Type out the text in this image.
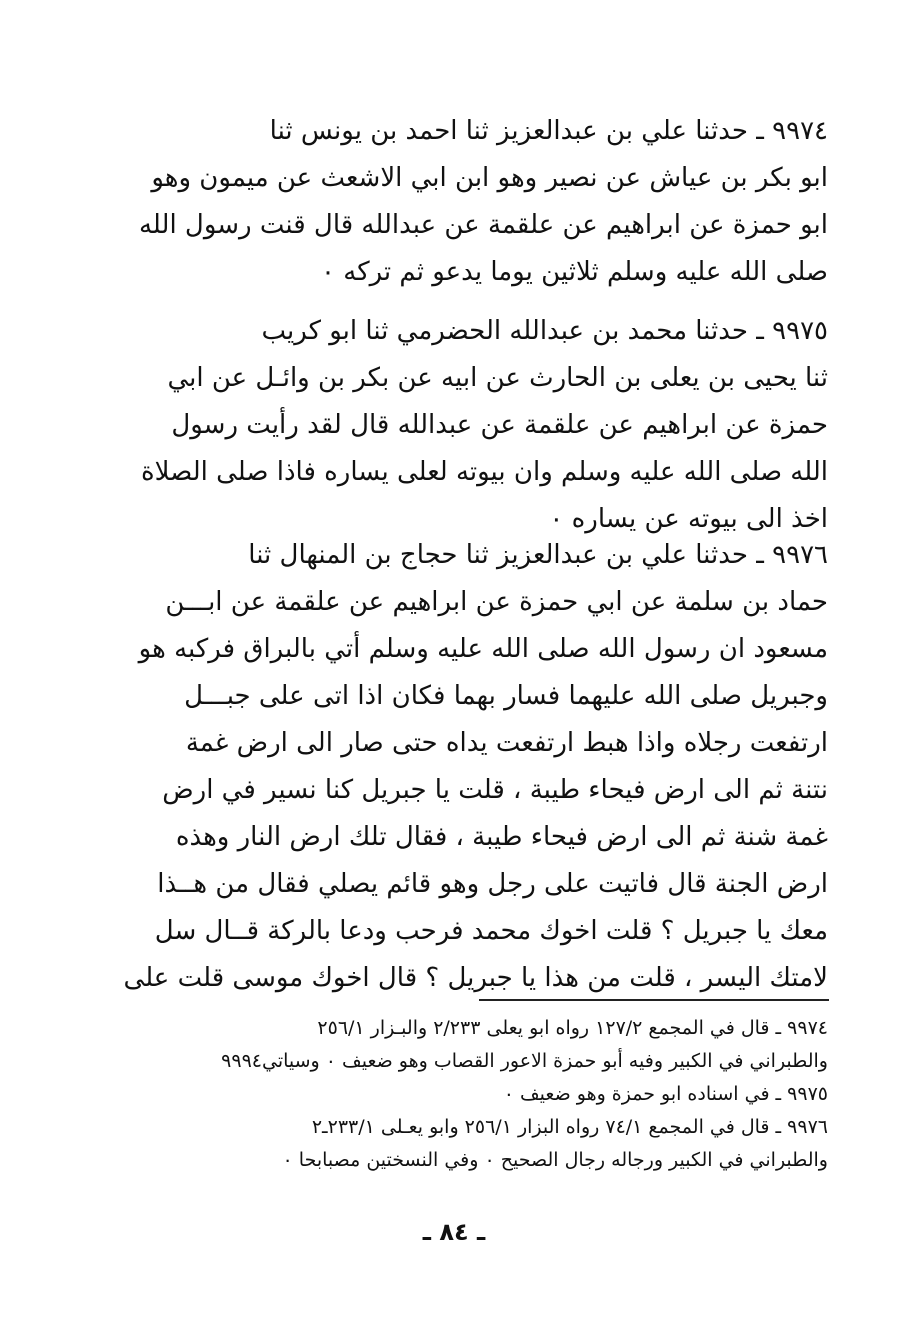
٩٩٧٤ ـ حدثنا علي بن عبدالعزيز ثنا احمد بن يونس ثنا
ابو بكر بن عياش عن نصير وهو ابن ابي الاشعث عن ميمون وهو
ابو حمزة عن ابراهيم عن علقمة عن عبدالله قال قنت رسول الله
صلى الله عليه وسلم ثلاثين يوما يدعو ثم تركه ٠
٩٩٧٥ ـ حدثنا محمد بن عبدالله الحضرمي ثنا ابو كريب
ثنا يحيى بن يعلى بن الحارث عن ابيه عن بكر بن وائـل عن ابي
حمزة عن ابراهيم عن علقمة عن عبدالله قال لقد رأيت رسول
الله صلى الله عليه وسلم وان بيوته لعلى يساره فاذا صلى الصلاة
اخذ الى بيوته عن يساره ٠
٩٩٧٦ ـ حدثنا علي بن عبدالعزيز ثنا حجاج بن المنهال ثنا
حماد بن سلمة عن ابي حمزة عن ابراهيم عن علقمة عن ابـــن
مسعود ان رسول الله صلى الله عليه وسلم أتي بالبراق فركبه هو
وجبريل صلى الله عليهما فسار بهما فكان اذا اتى على جبـــل
ارتفعت رجلاه واذا هبط ارتفعت يداه حتى صار الى ارض غمة
نتنة ثم الى ارض فيحاء طيبة ، قلت يا جبريل كنا نسير في ارض
غمة شنة ثم الى ارض فيحاء طيبة ، فقال تلك ارض النار وهذه
ارض الجنة قال فاتيت على رجل وهو قائم يصلي فقال من هــذا
معك يا جبريل ؟ قلت اخوك محمد فرحب ودعا بالركة قــال سل
لامتك اليسر ، قلت من هذا يا جبريل ؟ قال اخوك موسى قلت على
٩٩٧٤ ـ قال في المجمع ١٢٧/٢ رواه ابو يعلى ٢/٢٣٣ والبـزار ٢٥٦/١
والطبراني في الكبير وفيه أبو حمزة الاعور القصاب وهو ضعيف ٠ وسياتي٩٩٩٤
٩٩٧٥ ـ في اسناده ابو حمزة وهو ضعيف ٠
٩٩٧٦ ـ قال في المجمع ٧٤/١ رواه البزار ٢٥٦/١ وابو يعـلى ٢٣٣/١ـ٢
والطبراني في الكبير ورجاله رجال الصحيح ٠ وفي النسختين مصبابحا ٠
ـ ٨٤ ـ
